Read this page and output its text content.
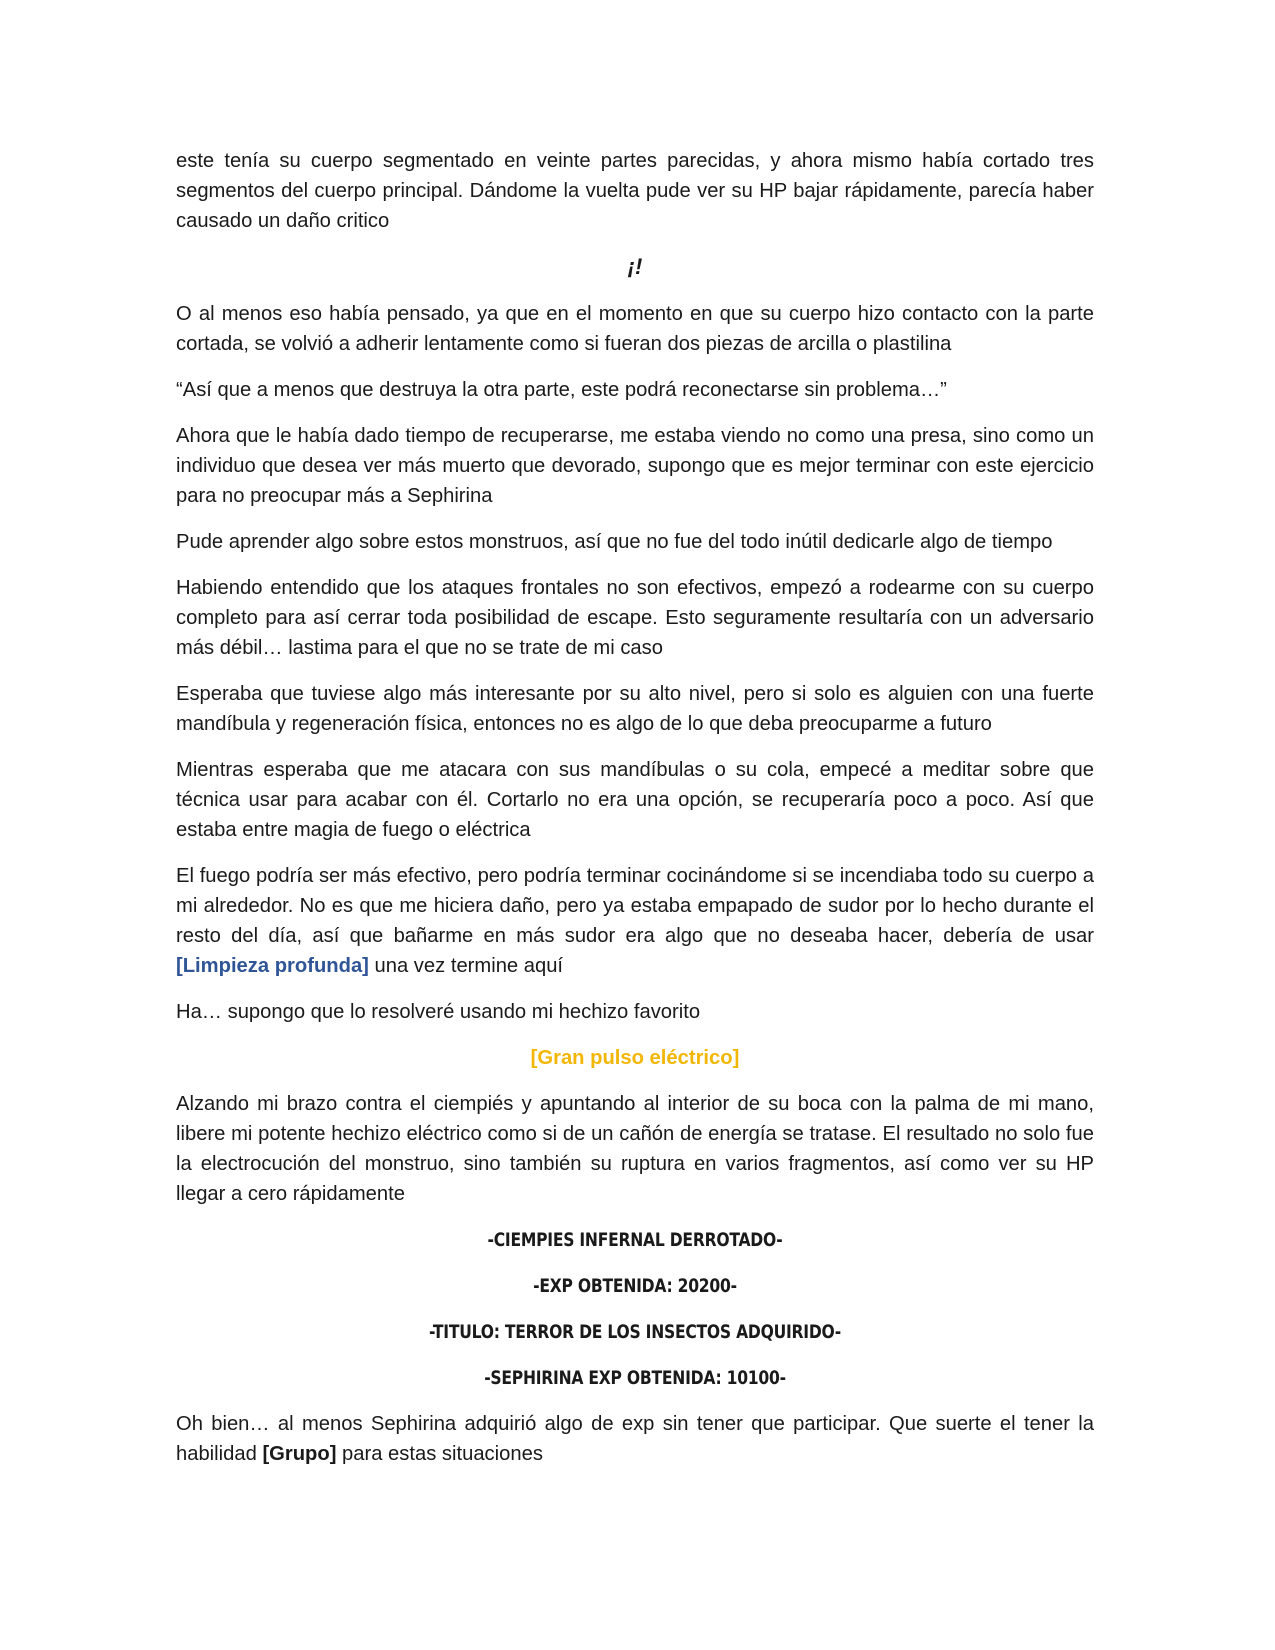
este tenía su cuerpo segmentado en veinte partes parecidas, y ahora mismo había cortado tres segmentos del cuerpo principal. Dándome la vuelta pude ver su HP bajar rápidamente, parecía haber causado un daño critico

¡!

O al menos eso había pensado, ya que en el momento en que su cuerpo hizo contacto con la parte cortada, se volvió a adherir lentamente como si fueran dos piezas de arcilla o plastilina

“Así que a menos que destruya la otra parte, este podrá reconectarse sin problema…”

Ahora que le había dado tiempo de recuperarse, me estaba viendo no como una presa, sino como un individuo que desea ver más muerto que devorado, supongo que es mejor terminar con este ejercicio para no preocupar más a Sephirina

Pude aprender algo sobre estos monstruos, así que no fue del todo inútil dedicarle algo de tiempo

Habiendo entendido que los ataques frontales no son efectivos, empezó a rodearme con su cuerpo completo para así cerrar toda posibilidad de escape. Esto seguramente resultaría con un adversario más débil… lastima para el que no se trate de mi caso

Esperaba que tuviese algo más interesante por su alto nivel, pero si solo es alguien con una fuerte mandíbula y regeneración física, entonces no es algo de lo que deba preocuparme a futuro

Mientras esperaba que me atacara con sus mandíbulas o su cola, empecé a meditar sobre que técnica usar para acabar con él. Cortarlo no era una opción, se recuperaría poco a poco. Así que estaba entre magia de fuego o eléctrica

El fuego podría ser más efectivo, pero podría terminar cocinándome si se incendiaba todo su cuerpo a mi alrededor. No es que me hiciera daño, pero ya estaba empapado de sudor por lo hecho durante el resto del día, así que bañarme en más sudor era algo que no deseaba hacer, debería de usar [Limpieza profunda] una vez termine aquí

Ha… supongo que lo resolveré usando mi hechizo favorito

[Gran pulso eléctrico]

Alzando mi brazo contra el ciempiés y apuntando al interior de su boca con la palma de mi mano, libere mi potente hechizo eléctrico como si de un cañón de energía se tratase. El resultado no solo fue la electrocución del monstruo, sino también su ruptura en varios fragmentos, así como ver su HP llegar a cero rápidamente

-CIEMPIES INFERNAL DERROTADO-

-EXP OBTENIDA: 20200-

-TITULO: TERROR DE LOS INSECTOS ADQUIRIDO-

-SEPHIRINA EXP OBTENIDA: 10100-

Oh bien… al menos Sephirina adquirió algo de exp sin tener que participar. Que suerte el tener la habilidad [Grupo] para estas situaciones
